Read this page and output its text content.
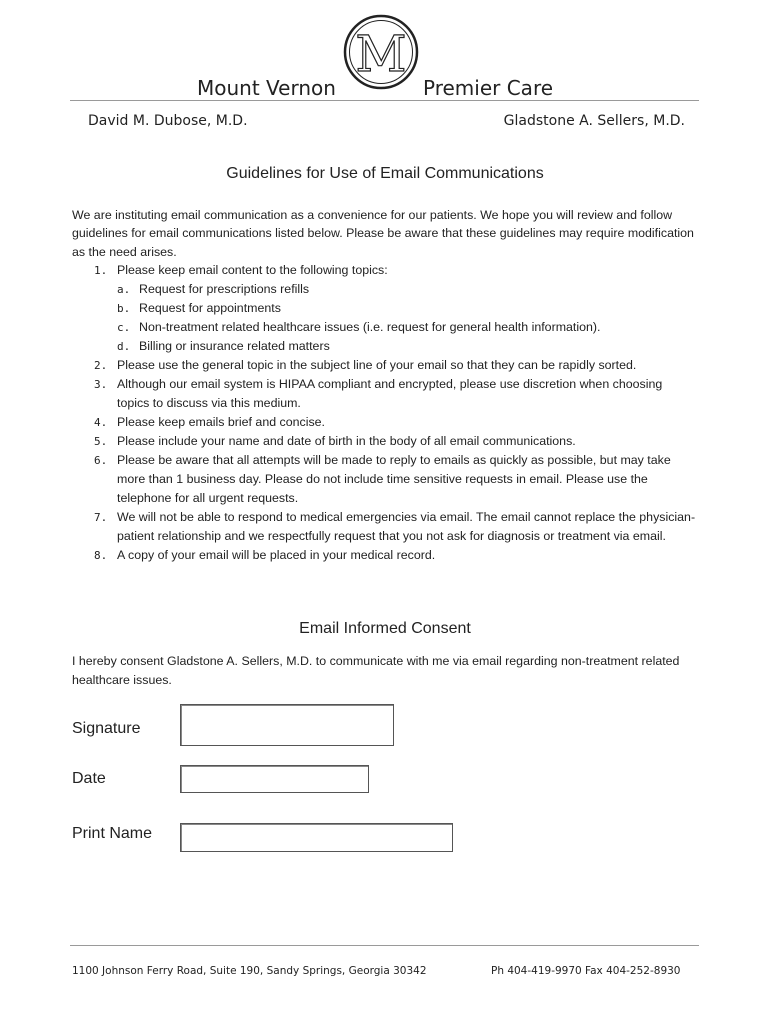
M
Mount Vernon	Premier Care
David M. Dubose, M.D.	Gladstone A. Sellers, M.D.
Guidelines for Use of Email Communications
We are instituting email communication as a convenience for our patients. We hope you will review and follow guidelines for email communications listed below. Please be aware that these guidelines may require modification as the need arises.
1. Please keep email content to the following topics:
a. Request for prescriptions refills
b. Request for appointments
c. Non-treatment related healthcare issues (i.e. request for general health information).
d. Billing or insurance related matters
2. Please use the general topic in the subject line of your email so that they can be rapidly sorted.
3. Although our email system is HIPAA compliant and encrypted, please use discretion when choosing topics to discuss via this medium.
4. Please keep emails brief and concise.
5. Please include your name and date of birth in the body of all email communications.
6. Please be aware that all attempts will be made to reply to emails as quickly as possible, but may take more than 1 business day. Please do not include time sensitive requests in email. Please use the telephone for all urgent requests.
7. We will not be able to respond to medical emergencies via email. The email cannot replace the physician-patient relationship and we respectfully request that you not ask for diagnosis or treatment via email.
8. A copy of your email will be placed in your medical record.
Email Informed Consent
I hereby consent Gladstone A. Sellers, M.D. to communicate with me via email regarding non-treatment related healthcare issues.
Signature
Date
Print Name
1100 Johnson Ferry Road, Suite 190, Sandy Springs, Georgia 30342	Ph 404-419-9970 Fax 404-252-8930
